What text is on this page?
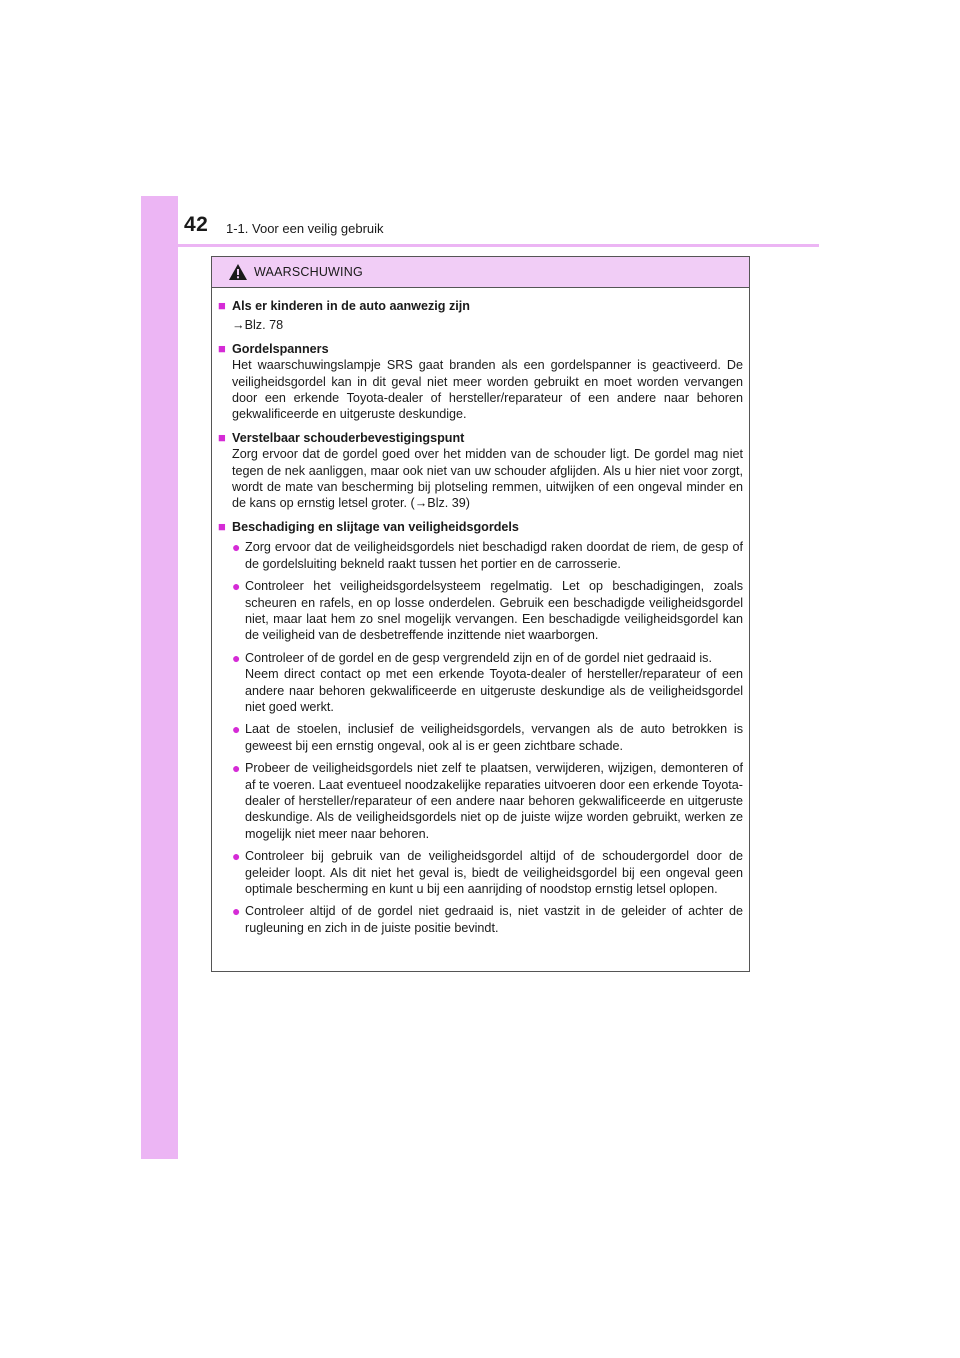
42 1-1. Voor een veilig gebruik
WAARSCHUWING
■ Als er kinderen in de auto aanwezig zijn
→Blz. 78
■ Gordelspanners
Het waarschuwingslampje SRS gaat branden als een gordelspanner is geactiveerd. De veiligheidsgordel kan in dit geval niet meer worden gebruikt en moet worden vervangen door een erkende Toyota-dealer of hersteller/reparateur of een andere naar behoren gekwalificeerde en uitgeruste deskundige.
■ Verstelbaar schouderbevestigingspunt
Zorg ervoor dat de gordel goed over het midden van de schouder ligt. De gordel mag niet tegen de nek aanliggen, maar ook niet van uw schouder afglijden. Als u hier niet voor zorgt, wordt de mate van bescherming bij plotseling remmen, uitwijken of een ongeval minder en de kans op ernstig letsel groter. (→Blz. 39)
■ Beschadiging en slijtage van veiligheidsgordels
● Zorg ervoor dat de veiligheidsgordels niet beschadigd raken doordat de riem, de gesp of de gordelsluiting bekneld raakt tussen het portier en de carrosserie.
● Controleer het veiligheidsgordelsysteem regelmatig. Let op beschadigingen, zoals scheuren en rafels, en op losse onderdelen. Gebruik een beschadigde veiligheidsgordel niet, maar laat hem zo snel mogelijk vervangen. Een beschadigde veiligheidsgordel kan de veiligheid van de desbetreffende inzittende niet waarborgen.
● Controleer of de gordel en de gesp vergrendeld zijn en of de gordel niet gedraaid is.
Neem direct contact op met een erkende Toyota-dealer of hersteller/reparateur of een andere naar behoren gekwalificeerde en uitgeruste deskundige als de veiligheidsgordel niet goed werkt.
● Laat de stoelen, inclusief de veiligheidsgordels, vervangen als de auto betrokken is geweest bij een ernstig ongeval, ook al is er geen zichtbare schade.
● Probeer de veiligheidsgordels niet zelf te plaatsen, verwijderen, wijzigen, demonteren of af te voeren. Laat eventueel noodzakelijke reparaties uitvoeren door een erkende Toyota-dealer of hersteller/reparateur of een andere naar behoren gekwalificeerde en uitgeruste deskundige. Als de veiligheidsgordels niet op de juiste wijze worden gebruikt, werken ze mogelijk niet meer naar behoren.
● Controleer bij gebruik van de veiligheidsgordel altijd of de schoudergordel door de geleider loopt. Als dit niet het geval is, biedt de veiligheidsgordel bij een ongeval geen optimale bescherming en kunt u bij een aanrijding of noodstop ernstig letsel oplopen.
● Controleer altijd of de gordel niet gedraaid is, niet vastzit in de geleider of achter de rugleuning en zich in de juiste positie bevindt.
